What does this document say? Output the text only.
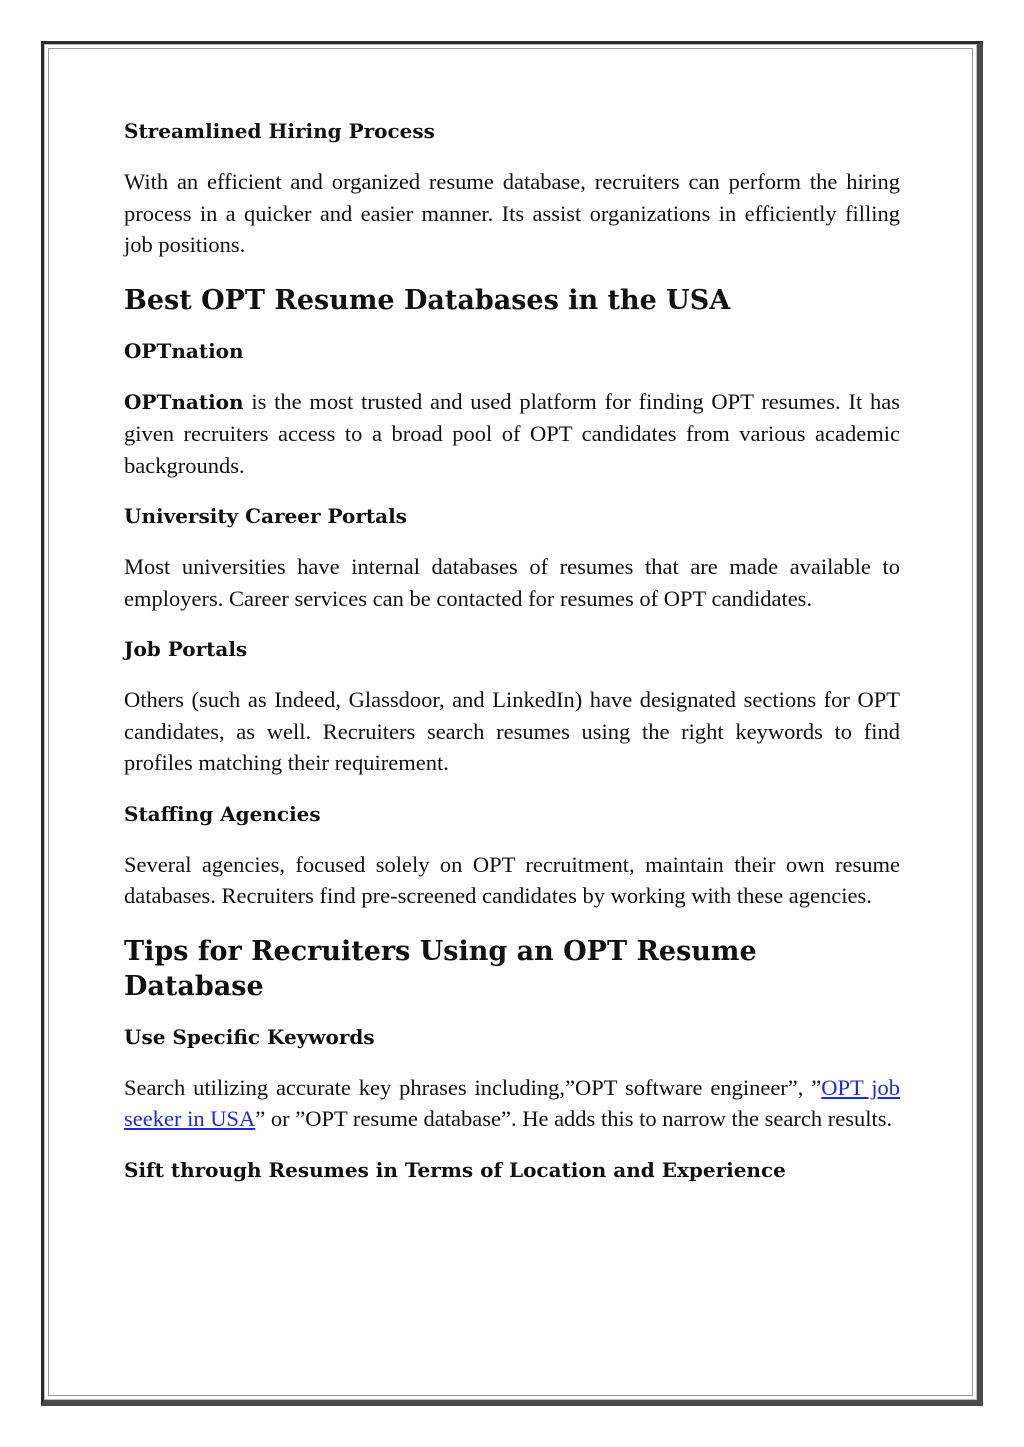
Streamlined Hiring Process

With an efficient and organized resume database, recruiters can perform the hiring process in a quicker and easier manner. Its assist organizations in efficiently filling job positions.

Best OPT Resume Databases in the USA
OPTnation

OPTnation is the most trusted and used platform for finding OPT resumes. It has given recruiters access to a broad pool of OPT candidates from various academic backgrounds.

University Career Portals

Most universities have internal databases of resumes that are made available to employers. Career services can be contacted for resumes of OPT candidates.

Job Portals

Others (such as Indeed, Glassdoor, and LinkedIn) have designated sections for OPT candidates, as well. Recruiters search resumes using the right keywords to find profiles matching their requirement.

Staffing Agencies

Several agencies, focused solely on OPT recruitment, maintain their own resume databases. Recruiters find pre-screened candidates by working with these agencies.

Tips for Recruiters Using an OPT Resume Database
Use Specific Keywords

Search utilizing accurate key phrases including,”OPT software engineer”, ”OPT job seeker in USA” or ”OPT resume database”. He adds this to narrow the search results.

Sift through Resumes in Terms of Location and Experience
